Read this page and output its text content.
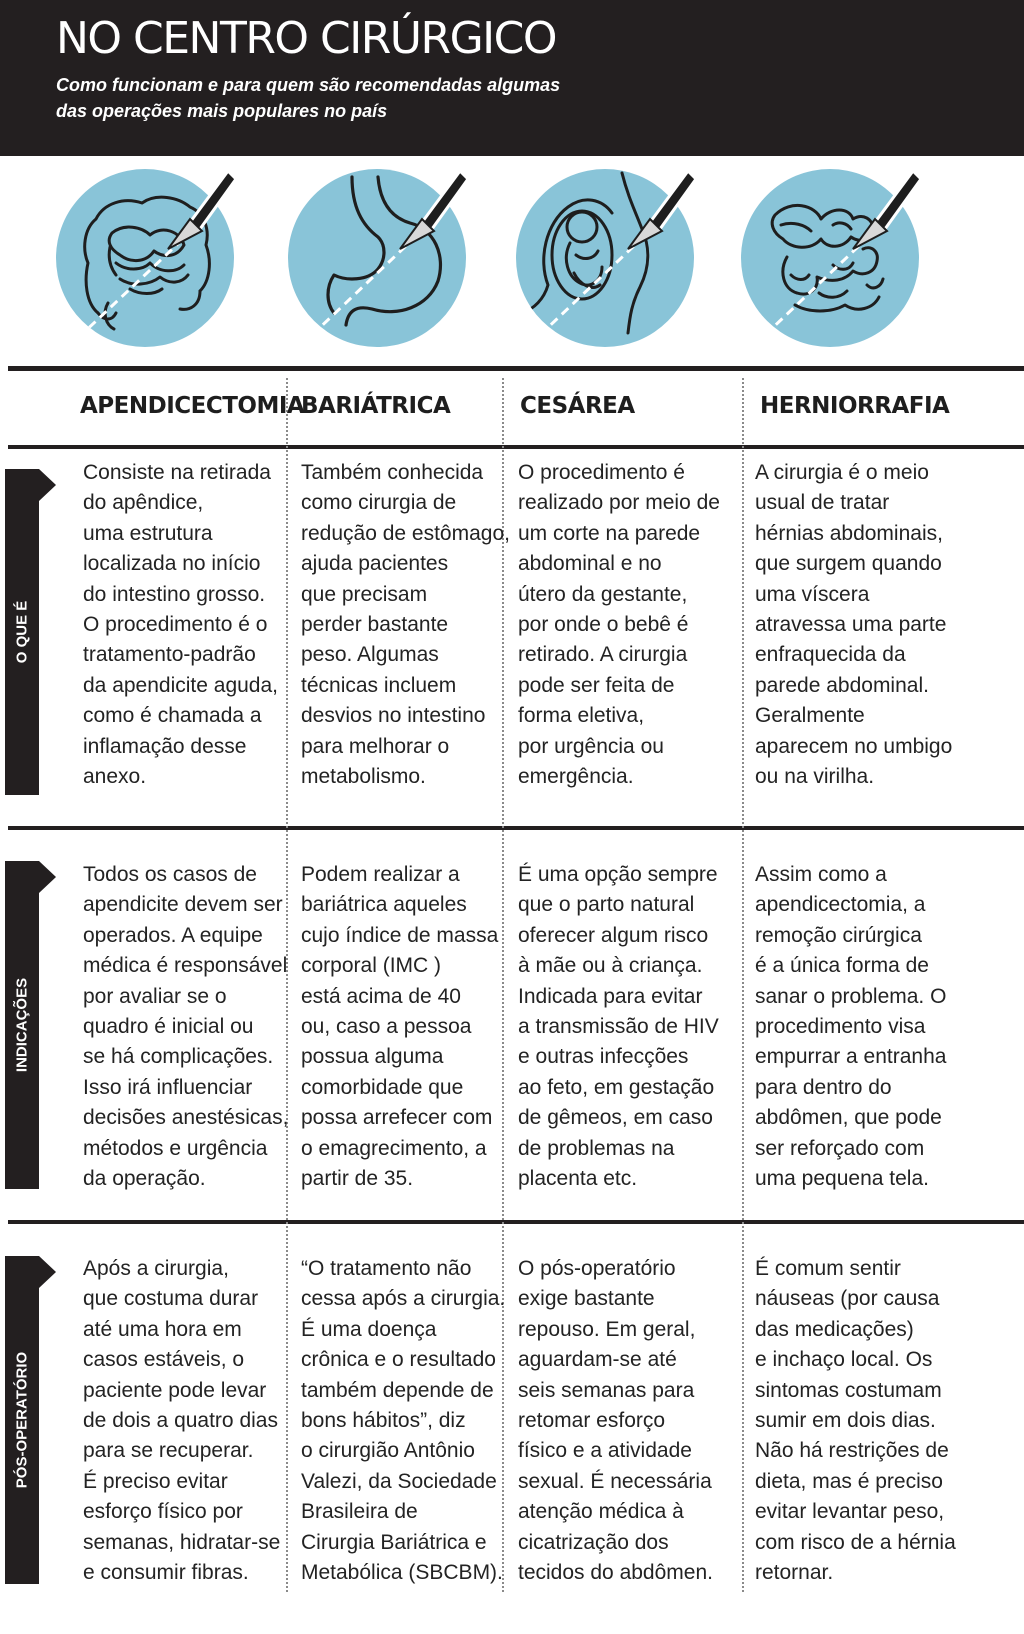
NO CENTRO CIRÚRGICO

Como funcionam e para quem são recomendadas algumas das operações mais populares no país

APENDICECTOMIA
BARIÁTRICA	CESÁREA	HERNIORRAFIA
O QUE É
INDICAÇÕES
PÓS-OPERATÓRIO
Consiste na retirada
do apêndice,
uma estrutura
localizada no início
do intestino grosso.
O procedimento é o
tratamento-padrão
da apendicite aguda,
como é chamada a
inflamação desse
anexo.
Também conhecida
como cirurgia de
redução de estômago,
ajuda pacientes
que precisam
perder bastante
peso. Algumas
técnicas incluem
desvios no intestino
para melhorar o
metabolismo.
O procedimento é
realizado por meio de
um corte na parede
abdominal e no
útero da gestante,
por onde o bebê é
retirado. A cirurgia
pode ser feita de
forma eletiva,
por urgência ou
emergência.
A cirurgia é o meio
usual de tratar
hérnias abdominais,
que surgem quando
uma víscera
atravessa uma parte
enfraquecida da
parede abdominal.
Geralmente
aparecem no umbigo
ou na virilha.
Todos os casos de
apendicite devem ser
operados. A equipe
médica é responsável
por avaliar se o
quadro é inicial ou
se há complicações.
Isso irá influenciar
decisões anestésicas,
métodos e urgência
da operação.
Podem realizar a
bariátrica aqueles
cujo índice de massa
corporal (IMC )
está acima de 40
ou, caso a pessoa
possua alguma
comorbidade que
possa arrefecer com
o emagrecimento, a
partir de 35.
É uma opção sempre
que o parto natural
oferecer algum risco
à mãe ou à criança.
Indicada para evitar
a transmissão de HIV
e outras infecções
ao feto, em gestação
de gêmeos, em caso
de problemas na
placenta etc.
Assim como a
apendicectomia, a
remoção cirúrgica
é a única forma de
sanar o problema. O
procedimento visa
empurrar a entranha
para dentro do
abdômen, que pode
ser reforçado com
uma pequena tela.
Após a cirurgia,
que costuma durar
até uma hora em
casos estáveis, o
paciente pode levar
de dois a quatro dias
para se recuperar.
É preciso evitar
esforço físico por
semanas, hidratar-se
e consumir fibras.
“O tratamento não
cessa após a cirurgia.
É uma doença
crônica e o resultado
também depende de
bons hábitos”, diz
o cirurgião Antônio
Valezi, da Sociedade
Brasileira de
Cirurgia Bariátrica e
Metabólica (SBCBM).
O pós-operatório
exige bastante
repouso. Em geral,
aguardam-se até
seis semanas para
retomar esforço
físico e a atividade
sexual. É necessária
atenção médica à
cicatrização dos
tecidos do abdômen.
É comum sentir
náuseas (por causa
das medicações)
e inchaço local. Os
sintomas costumam
sumir em dois dias.
Não há restrições de
dieta, mas é preciso
evitar levantar peso,
com risco de a hérnia
retornar.
